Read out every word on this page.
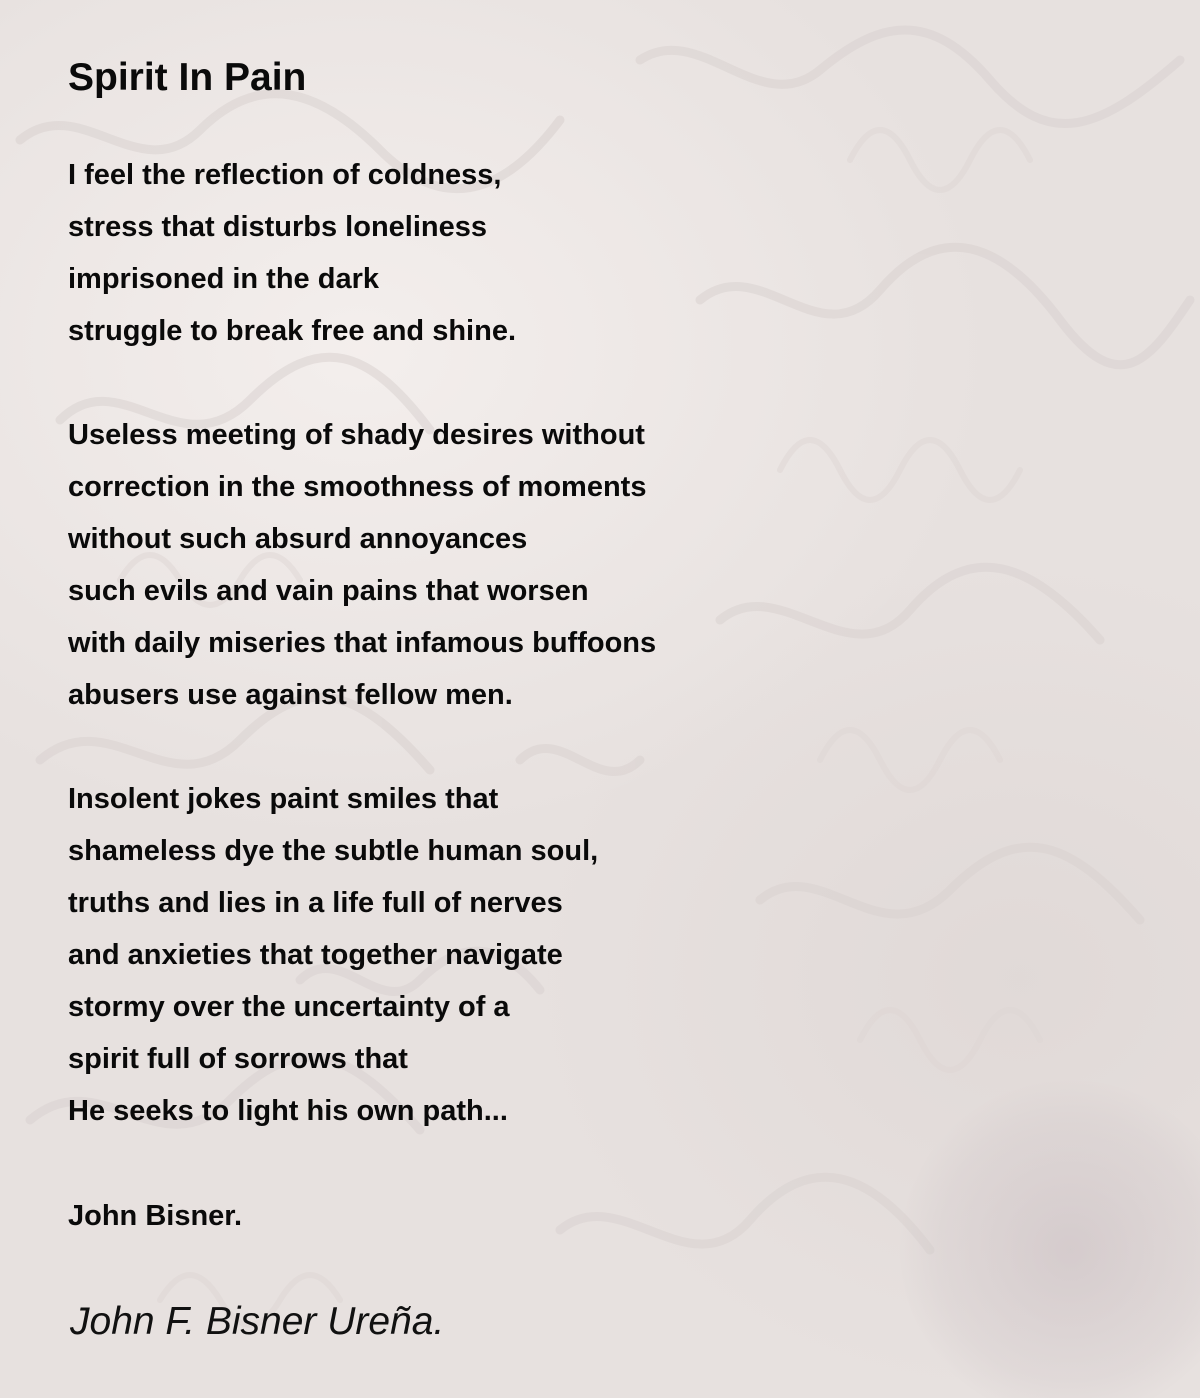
Spirit In Pain
I feel the reflection of coldness,
stress that disturbs loneliness
imprisoned in the dark
struggle to break free and shine.
Useless meeting of shady desires without
correction in the smoothness of moments
without such absurd annoyances
such evils and vain pains that worsen
with daily miseries that infamous buffoons
abusers use against fellow men.
Insolent jokes paint smiles that
shameless dye the subtle human soul,
truths and lies in a life full of nerves
and anxieties that together navigate
stormy over the uncertainty of a
spirit full of sorrows that
He seeks to light his own path...
John Bisner.
John F. Bisner Ureña.
